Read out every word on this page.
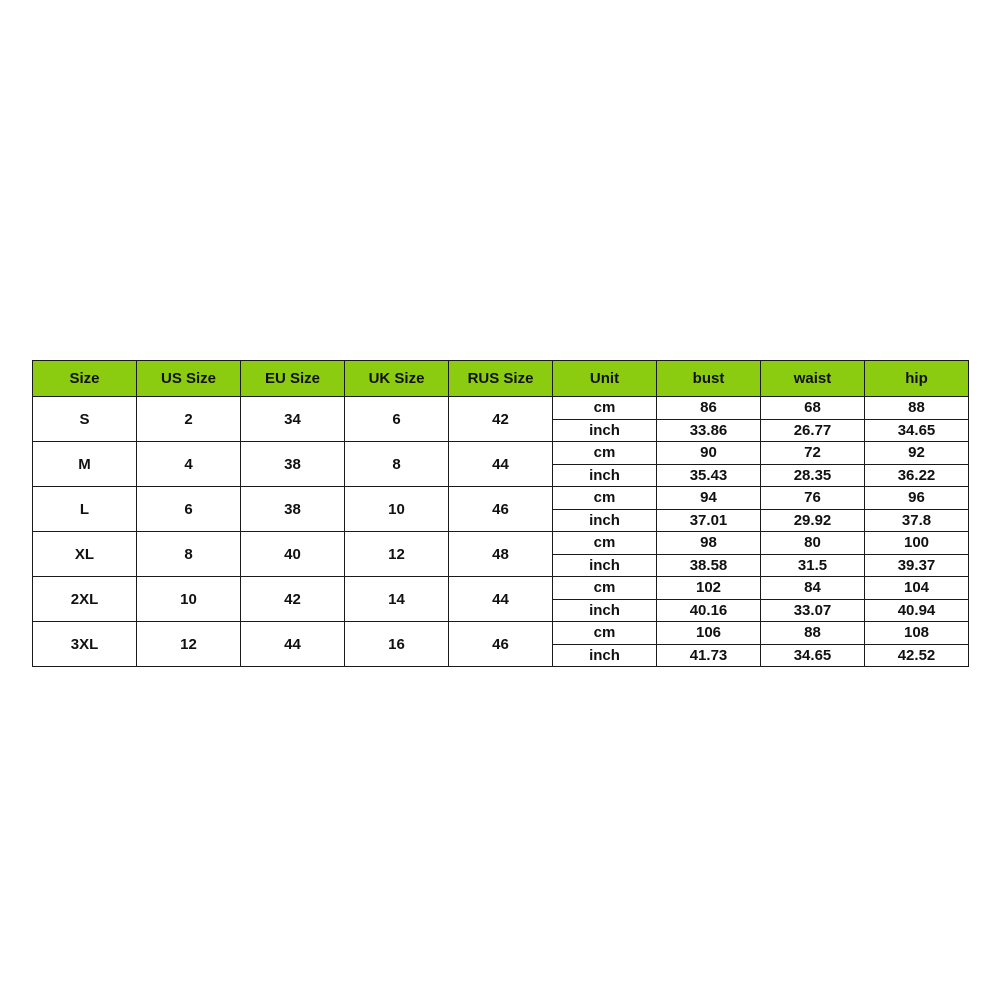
Size	US Size	EU Size	UK Size	RUS Size	Unit	bust	waist	hip
S	2	34	6	42	cm	86	68	88
					inch	33.86	26.77	34.65
M	4	38	8	44	cm	90	72	92
					inch	35.43	28.35	36.22
L	6	38	10	46	cm	94	76	96
					inch	37.01	29.92	37.8
XL	8	40	12	48	cm	98	80	100
					inch	38.58	31.5	39.37
2XL	10	42	14	44	cm	102	84	104
					inch	40.16	33.07	40.94
3XL	12	44	16	46	cm	106	88	108
					inch	41.73	34.65	42.52
